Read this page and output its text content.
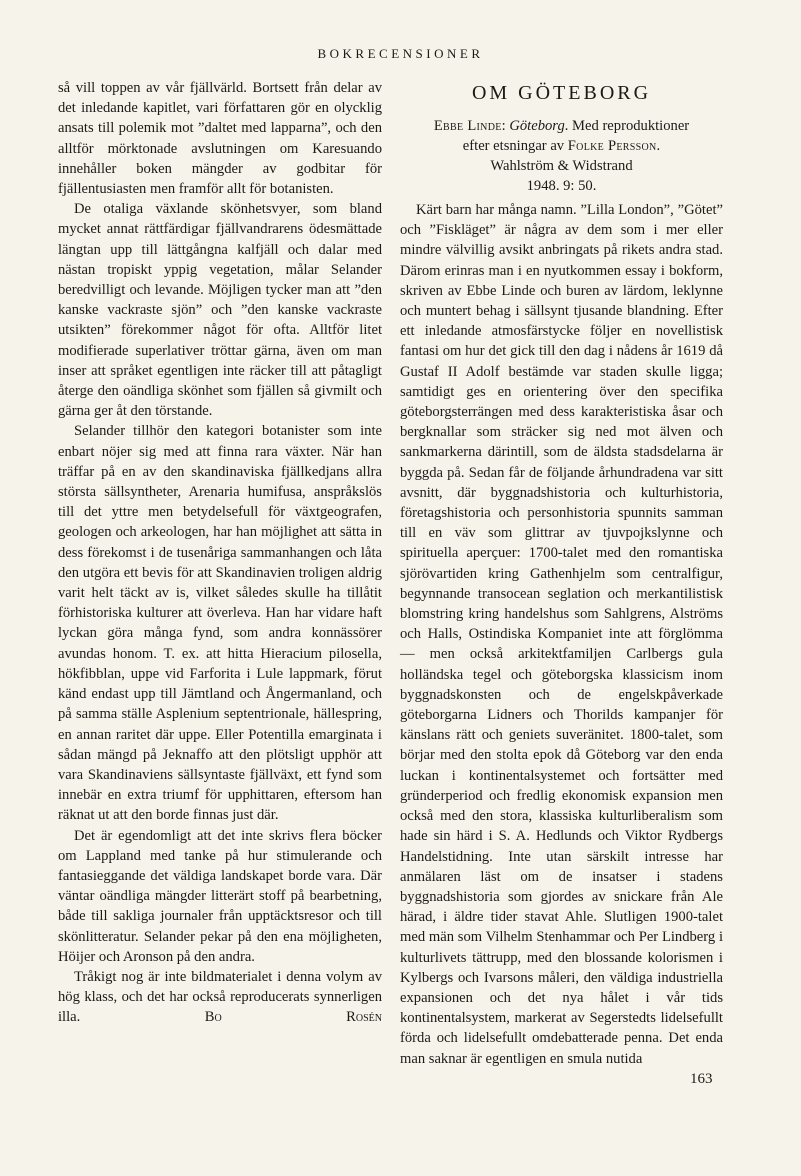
BOKRECENSIONER

så vill toppen av vår fjällvärld. Bortsett från delar av det inledande kapitlet, vari författaren gör en olycklig ansats till polemik mot ”daltet med lapparna”, och den alltför mörktonade avslutningen om Karesuando innehåller boken mängder av godbitar för fjällentusiasten men framför allt för botanisten.

De otaliga växlande skönhetsvyer, som bland mycket annat rättfärdigar fjällvandrarens ödesmättade längtan upp till lättgångna kalfjäll och dalar med nästan tropiskt yppig vegetation, målar Selander beredvilligt och levande. Möjligen tycker man att ”den kanske vackraste sjön” och ”den kanske vackraste utsikten” förekommer något för ofta. Alltför litet modifierade superlativer tröttar gärna, även om man inser att språket egentligen inte räcker till att påtagligt återge den oändliga skönhet som fjällen så givmilt och gärna ger åt den törstande.

Selander tillhör den kategori botanister som inte enbart nöjer sig med att finna rara växter. När han träffar på en av den skandinaviska fjällkedjans allra största sällsyntheter, Arenaria humifusa, anspråkslös till det yttre men betydelsefull för växtgeografen, geologen och arkeologen, har han möjlighet att sätta in dess förekomst i de tusenåriga sammanhangen och låta den utgöra ett bevis för att Skandinavien troligen aldrig varit helt täckt av is, vilket således skulle ha tillåtit förhistoriska kulturer att överleva. Han har vidare haft lyckan göra många fynd, som andra konnässörer avundas honom. T. ex. att hitta Hieracium pilosella, hökfibblan, uppe vid Farforita i Lule lappmark, förut känd endast upp till Jämtland och Ångermanland, och på samma ställe Asplenium septentrionale, hällespring, en annan raritet där uppe. Eller Potentilla emarginata i sådan mängd på Jeknaffo att den plötsligt upphör att vara Skandinaviens sällsyntaste fjällväxt, ett fynd som innebär en extra triumf för upphittaren, eftersom han räknat ut att den borde finnas just där.

Det är egendomligt att det inte skrivs flera böcker om Lappland med tanke på hur stimulerande och fantasieggande det väldiga landskapet borde vara. Där väntar oändliga mängder litterärt stoff på bearbetning, både till sakliga journaler från upptäcktsresor och till skönlitteratur. Selander pekar på den ena möjligheten, Höijer och Aronson på den andra.

Tråkigt nog är inte bildmaterialet i denna volym av hög klass, och det har också reproducerats synnerligen illa.	Bo Rosén

OM GÖTEBORG
Ebbe Linde: Göteborg. Med reproduktioner
efter etsningar av Folke Persson.
Wahlström & Widstrand
1948. 9: 50.

Kärt barn har många namn. ”Lilla London”, ”Götet” och ”Fiskläget” är några av dem som i mer eller mindre välvillig avsikt anbringats på rikets andra stad. Därom erinras man i en nyutkommen essay i bokform, skriven av Ebbe Linde och buren av lärdom, leklynne och muntert behag i sällsynt tjusande blandning. Efter ett inledande atmosfärstycke följer en novellistisk fantasi om hur det gick till den dag i nådens år 1619 då Gustaf II Adolf bestämde var staden skulle ligga; samtidigt ges en orientering över den specifika göteborgsterrängen med dess karakteristiska åsar och bergknallar som sträcker sig ned mot älven och sankmarkerna därintill, som de äldsta stadsdelarna är byggda på. Sedan får de följande århundradena var sitt avsnitt, där byggnadshistoria och kulturhistoria, företagshistoria och personhistoria spunnits samman till en väv som glittrar av tjuvpojkslynne och spirituella aperçuer: 1700-talet med den romantiska sjörövartiden kring Gathenhjelm som centralfigur, begynnande transocean seglation och merkantilistisk blomstring kring handelshus som Sahlgrens, Alströms och Halls, Ostindiska Kompaniet inte att förglömma — men också arkitektfamiljen Carlbergs gula holländska tegel och göteborgska klassicism inom byggnadskonsten och de engelskpåverkade göteborgarna Lidners och Thorilds kampanjer för känslans rätt och geniets suveränitet. 1800-talet, som börjar med den stolta epok då Göteborg var den enda luckan i kontinentalsystemet och fortsätter med gründerperiod och fredlig ekonomisk expansion men också med den stora, klassiska kulturliberalism som hade sin härd i S. A. Hedlunds och Viktor Rydbergs Handelstidning. Inte utan särskilt intresse har anmälaren läst om de insatser i stadens byggnadshistoria som gjordes av snickare från Ale härad, i äldre tider stavat Ahle. Slutligen 1900-talet med män som Vilhelm Stenhammar och Per Lindberg i kulturlivets tättrupp, med den blossande kolorismen i Kylbergs och Ivarsons måleri, den väldiga industriella expansionen och det nya hålet i vår tids kontinentalsystem, markerat av Segerstedts lidelsefullt förda och lidelsefullt omdebatterade penna. Det enda man saknar är egentligen en smula nutida

163
